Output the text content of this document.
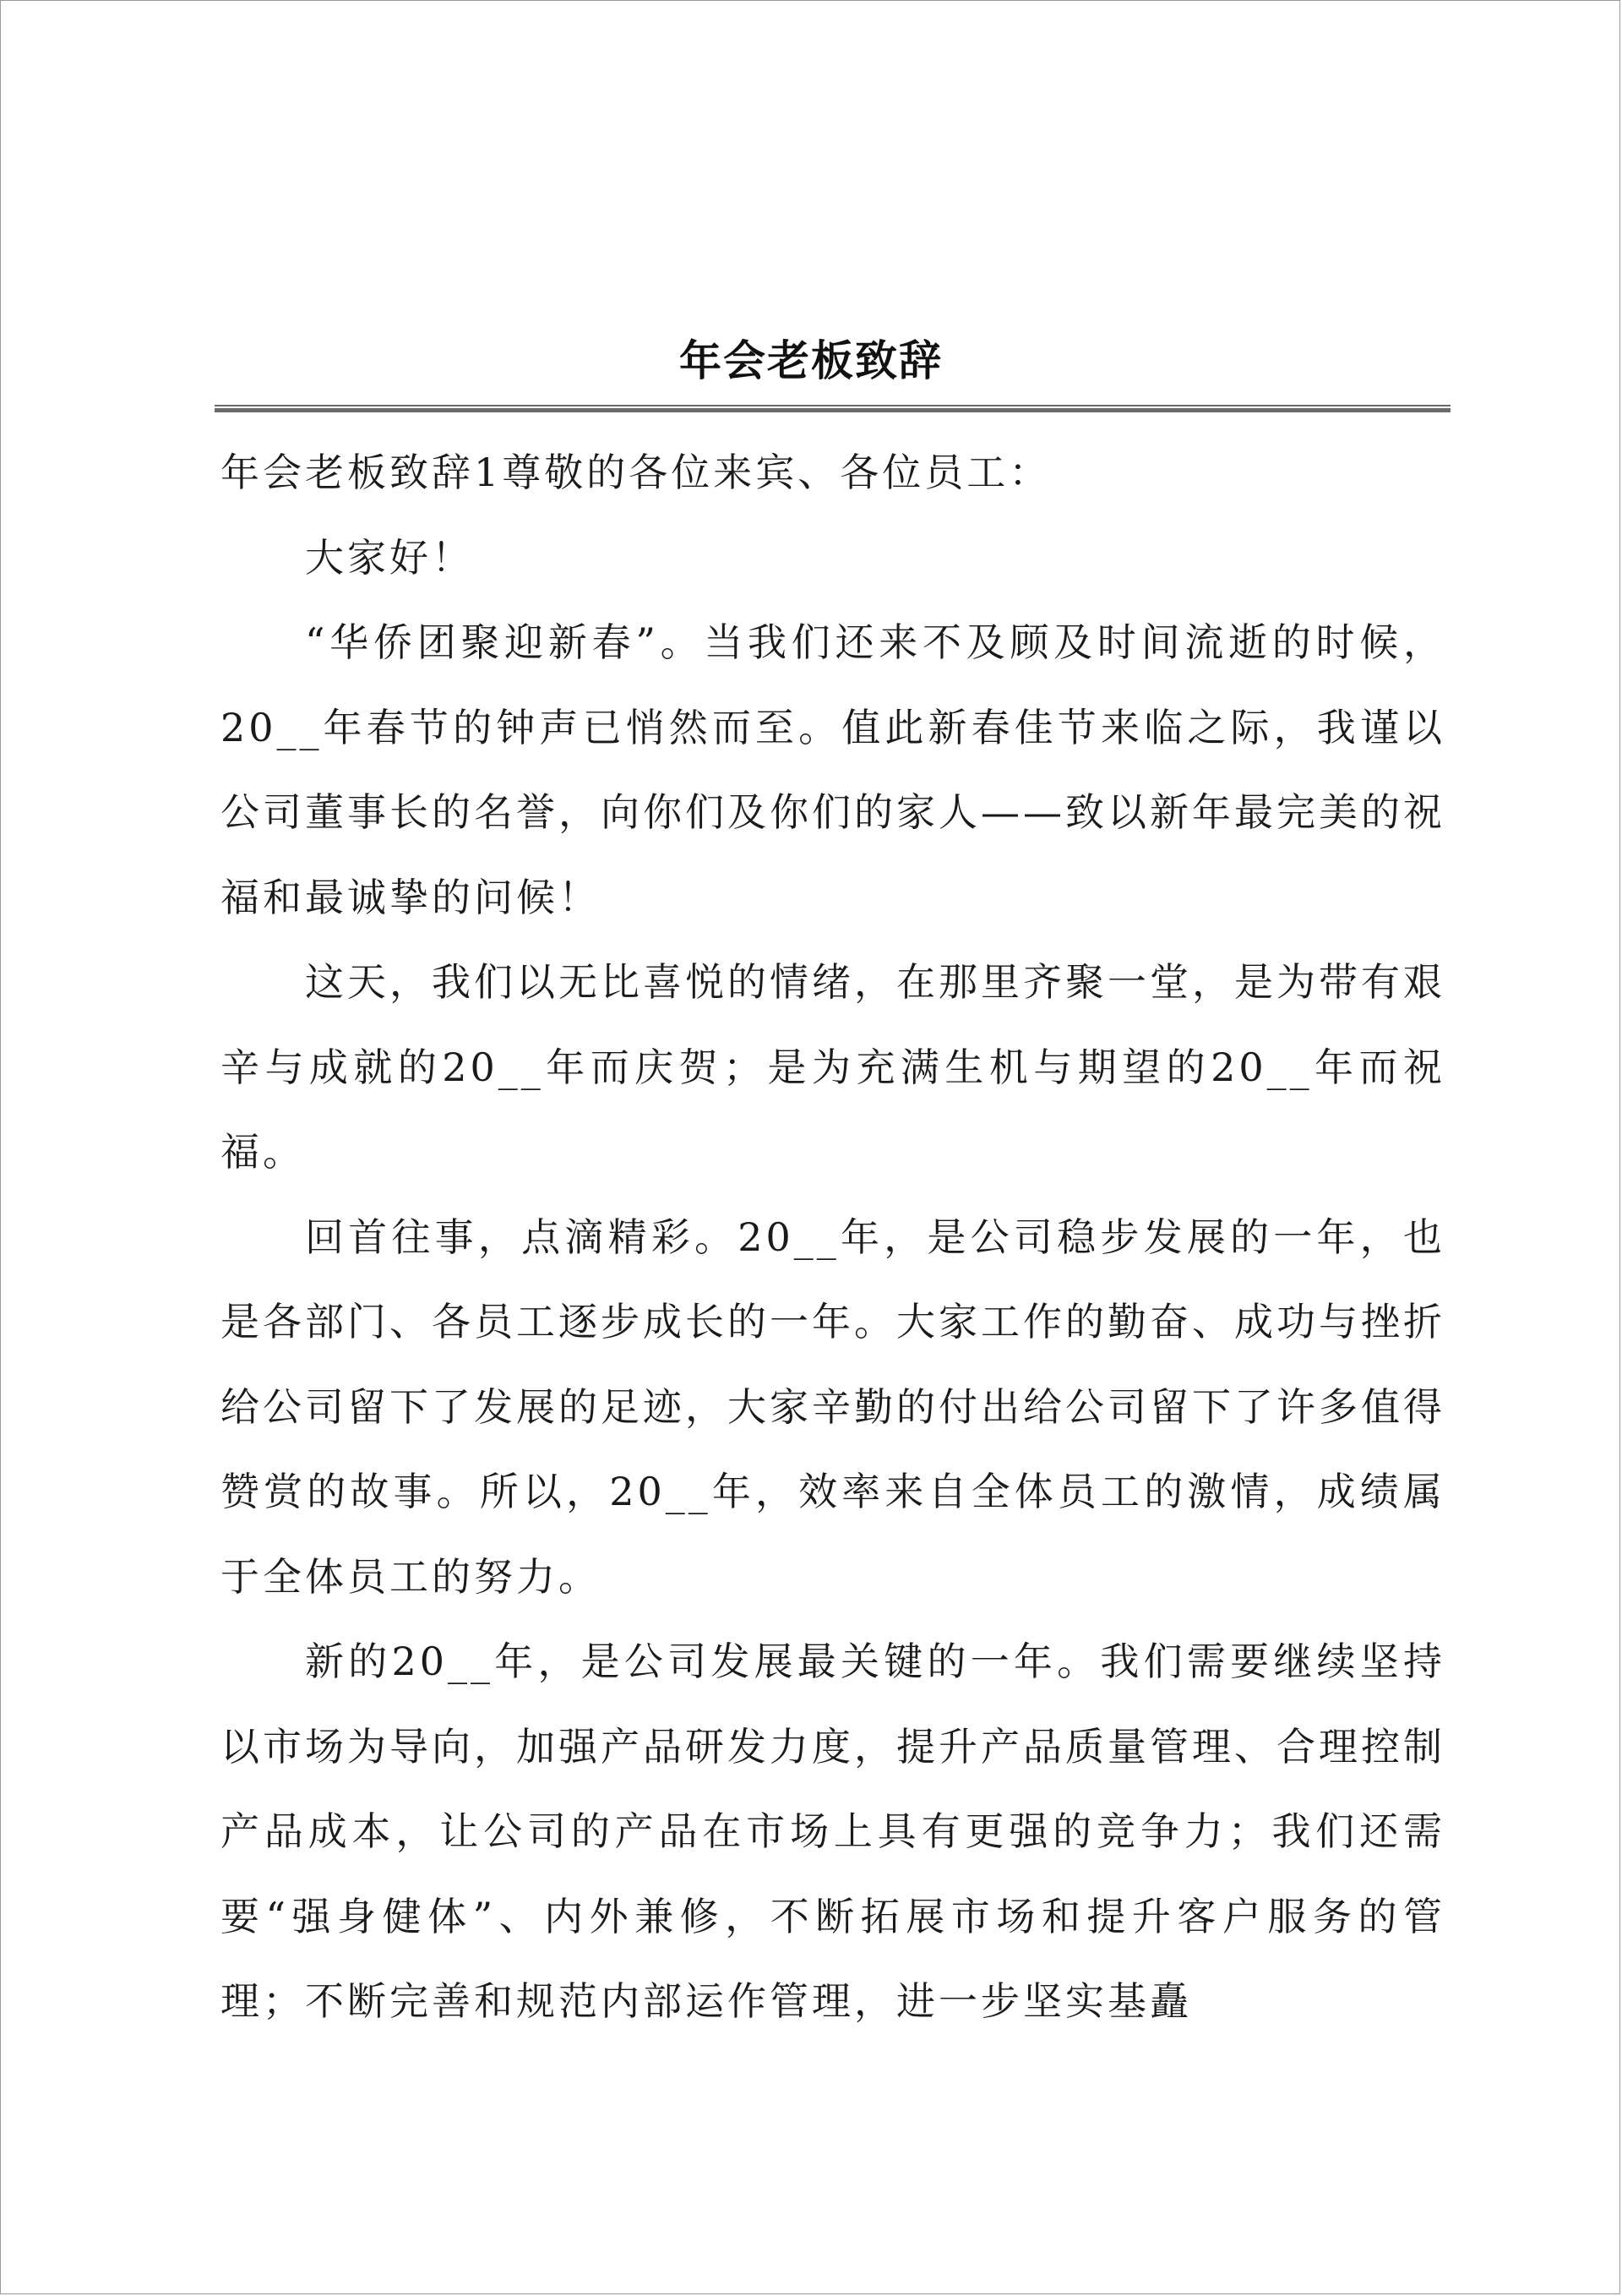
年会老板致辞

年会老板致辞1尊敬的各位来宾、各位员工：

大家好！

“华侨团聚迎新春”。当我们还来不及顾及时间流逝的时候，20__年春节的钟声已悄然而至。值此新春佳节来临之际，我谨以公司董事长的名誉，向你们及你们的家人——致以新年最完美的祝福和最诚挚的问候！

这天，我们以无比喜悦的情绪，在那里齐聚一堂，是为带有艰辛与成就的20__年而庆贺；是为充满生机与期望的20__年而祝福。

回首往事，点滴精彩。20__年，是公司稳步发展的一年，也是各部门、各员工逐步成长的一年。大家工作的勤奋、成功与挫折给公司留下了发展的足迹，大家辛勤的付出给公司留下了许多值得赞赏的故事。所以，20__年，效率来自全体员工的激情，成绩属于全体员工的努力。

新的20__年，是公司发展最关键的一年。我们需要继续坚持以市场为导向，加强产品研发力度，提升产品质量管理、合理控制产品成本，让公司的产品在市场上具有更强的竞争力；我们还需要“强身健体”、内外兼修，不断拓展市场和提升客户服务的管理；不断完善和规范内部运作管理，进一步坚实基矗
